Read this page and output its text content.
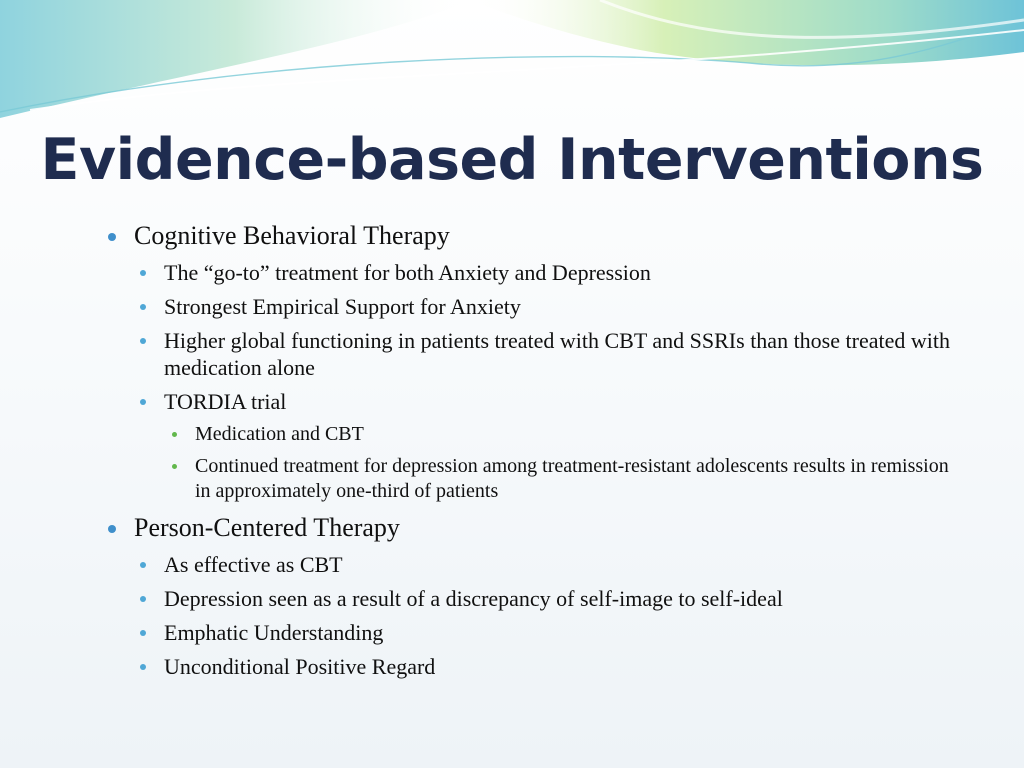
Evidence-based Interventions
Cognitive Behavioral Therapy
The “go-to” treatment for both Anxiety and Depression
Strongest Empirical Support for Anxiety
Higher global functioning in patients treated with CBT and SSRIs than those treated with medication alone
TORDIA trial
Medication and CBT
Continued treatment for depression among treatment-resistant adolescents results in remission in approximately one-third of patients
Person-Centered Therapy
As effective as CBT
Depression seen as a result of a discrepancy of self-image to self-ideal
Emphatic Understanding
Unconditional Positive Regard
